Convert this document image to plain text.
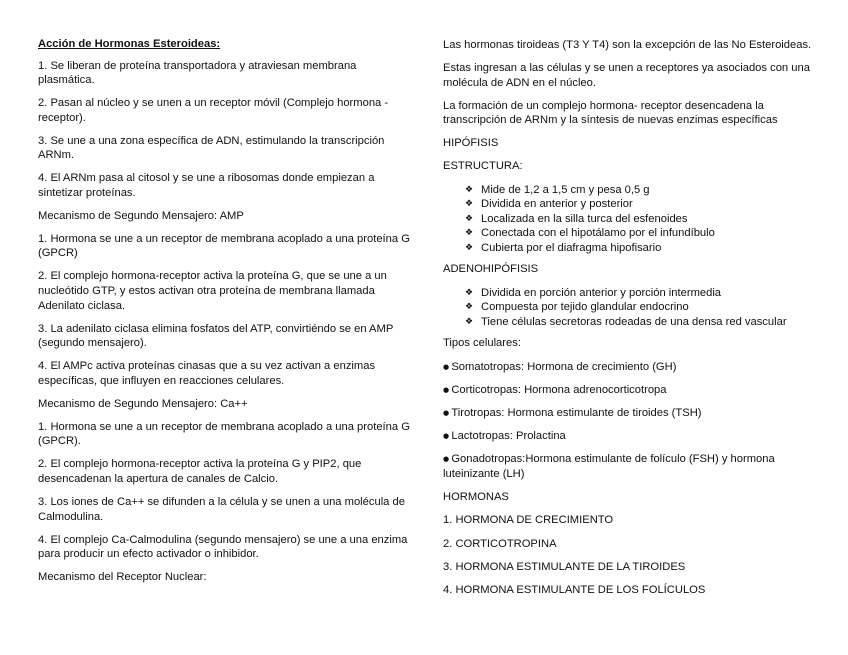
Acción de Hormonas Esteroideas:
1. Se liberan de proteína transportadora y atraviesan membrana plasmática.
2. Pasan al núcleo y se unen a un receptor móvil (Complejo hormona - receptor).
3. Se une a una zona específica de ADN, estimulando la transcripción ARNm.
4. El ARNm pasa al citosol y se une a ribosomas donde empiezan a sintetizar proteínas.
Mecanismo de Segundo Mensajero: AMP
1. Hormona se une a un receptor de membrana acoplado a una proteína G (GPCR)
2. El complejo hormona-receptor activa la proteína G, que se une a un nucleótido GTP, y estos activan otra proteína de membrana llamada Adenilato ciclasa.
3. La adenilato ciclasa elimina fosfatos del ATP, convirtiéndo se en AMP (segundo mensajero).
4. El AMPc activa proteínas cinasas que a su vez activan a enzimas específicas, que influyen en reacciones celulares.
Mecanismo de Segundo Mensajero: Ca++
1. Hormona se une a un receptor de membrana acoplado a una proteína G (GPCR).
2. El complejo hormona-receptor activa la proteína G y PIP2, que desencadenan la apertura de canales de Calcio.
3. Los iones de Ca++ se difunden a la célula y se unen a una molécula de Calmodulina.
4. El complejo Ca-Calmodulina (segundo mensajero) se une a una enzima para producir un efecto activador o inhibidor.
Mecanismo del Receptor Nuclear:
Las hormonas tiroideas (T3 Y T4) son la excepción de las No Esteroideas.
Estas ingresan a las células y se unen a receptores ya asociados con una molécula de ADN en el núcleo.
La formación de un complejo hormona- receptor desencadena la transcripción de ARNm y la síntesis de nuevas enzimas específicas
HIPÓFISIS
ESTRUCTURA:
❖ Mide de 1,2 a 1,5 cm y pesa 0,5 g
❖ Dividida en anterior y posterior
❖ Localizada en la silla turca del esfenoides
❖ Conectada con el hipotálamo por el infundíbulo
❖ Cubierta por el diafragma hipofisario
ADENOHIPÓFISIS
❖ Dividida en porción anterior y porción intermedia
❖ Compuesta por tejido glandular endocrino
❖ Tiene células secretoras rodeadas de una densa red vascular
Tipos celulares:
● Somatotropas: Hormona de crecimiento (GH)
● Corticotropas: Hormona adrenocorticotropa
● Tirotropas: Hormona estimulante de tiroides (TSH)
● Lactotropas: Prolactina
● Gonadotropas:Hormona estimulante de folículo (FSH) y hormona luteinizante (LH)
HORMONAS
1. HORMONA DE CRECIMIENTO
2. CORTICOTROPINA
3. HORMONA ESTIMULANTE DE LA TIROIDES
4. HORMONA ESTIMULANTE DE LOS FOLÍCULOS
